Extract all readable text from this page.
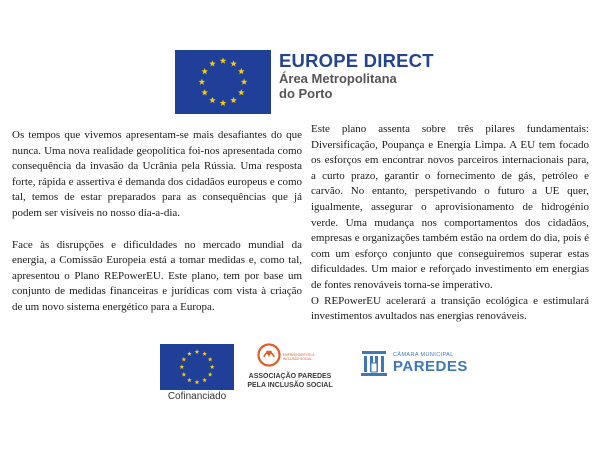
EUROPE DIRECT
Área Metropolitana
do Porto

Os tempos que vivemos apresentam-se mais desafiantes do que nunca. Uma nova realidade geopolítica foi-nos apresentada como consequência da invasão da Ucrânia pela Rússia. Uma resposta forte, rápida e assertiva é demanda dos cidadãos europeus e como tal, temos de estar preparados para as consequências que já podem ser visíveis no nosso dia-a-dia.

Face às disrupções e dificuldades no mercado mundial da energia, a Comissão Europeia está a tomar medidas e, como tal, apresentou o Plano REPowerEU. Este plano, tem por base um conjunto de medidas financeiras e jurídicas com vista à criação de um novo sistema energético para a Europa.

Este plano assenta sobre três pilares fundamentais: Diversificação, Poupança e Energia Limpa. A EU tem focado os esforços em encontrar novos parceiros internacionais para, a curto prazo, garantir o fornecimento de gás, petróleo e carvão. No entanto, perspetivando o futuro a UE quer, igualmente, assegurar o aprovisionamento de hidrogénio verde. Uma mudança nos comportamentos dos cidadãos, empresas e organizações também estão na ordem do dia, pois é com um esforço conjunto que conseguiremos superar estas dificuldades. Um maior e reforçado investimento em energias de fontes renováveis torna-se imperativo.

O REPowerEU acelerará a transição ecológica e estimulará investimentos avultados nas energias renováveis.

Cofinanciado
EMPREENDER PELA INCLUSÃO SOCIAL
ASSOCIAÇÃO PAREDES
PELA INCLUSÃO SOCIAL
CÂMARA MUNICIPAL
PAREDES
